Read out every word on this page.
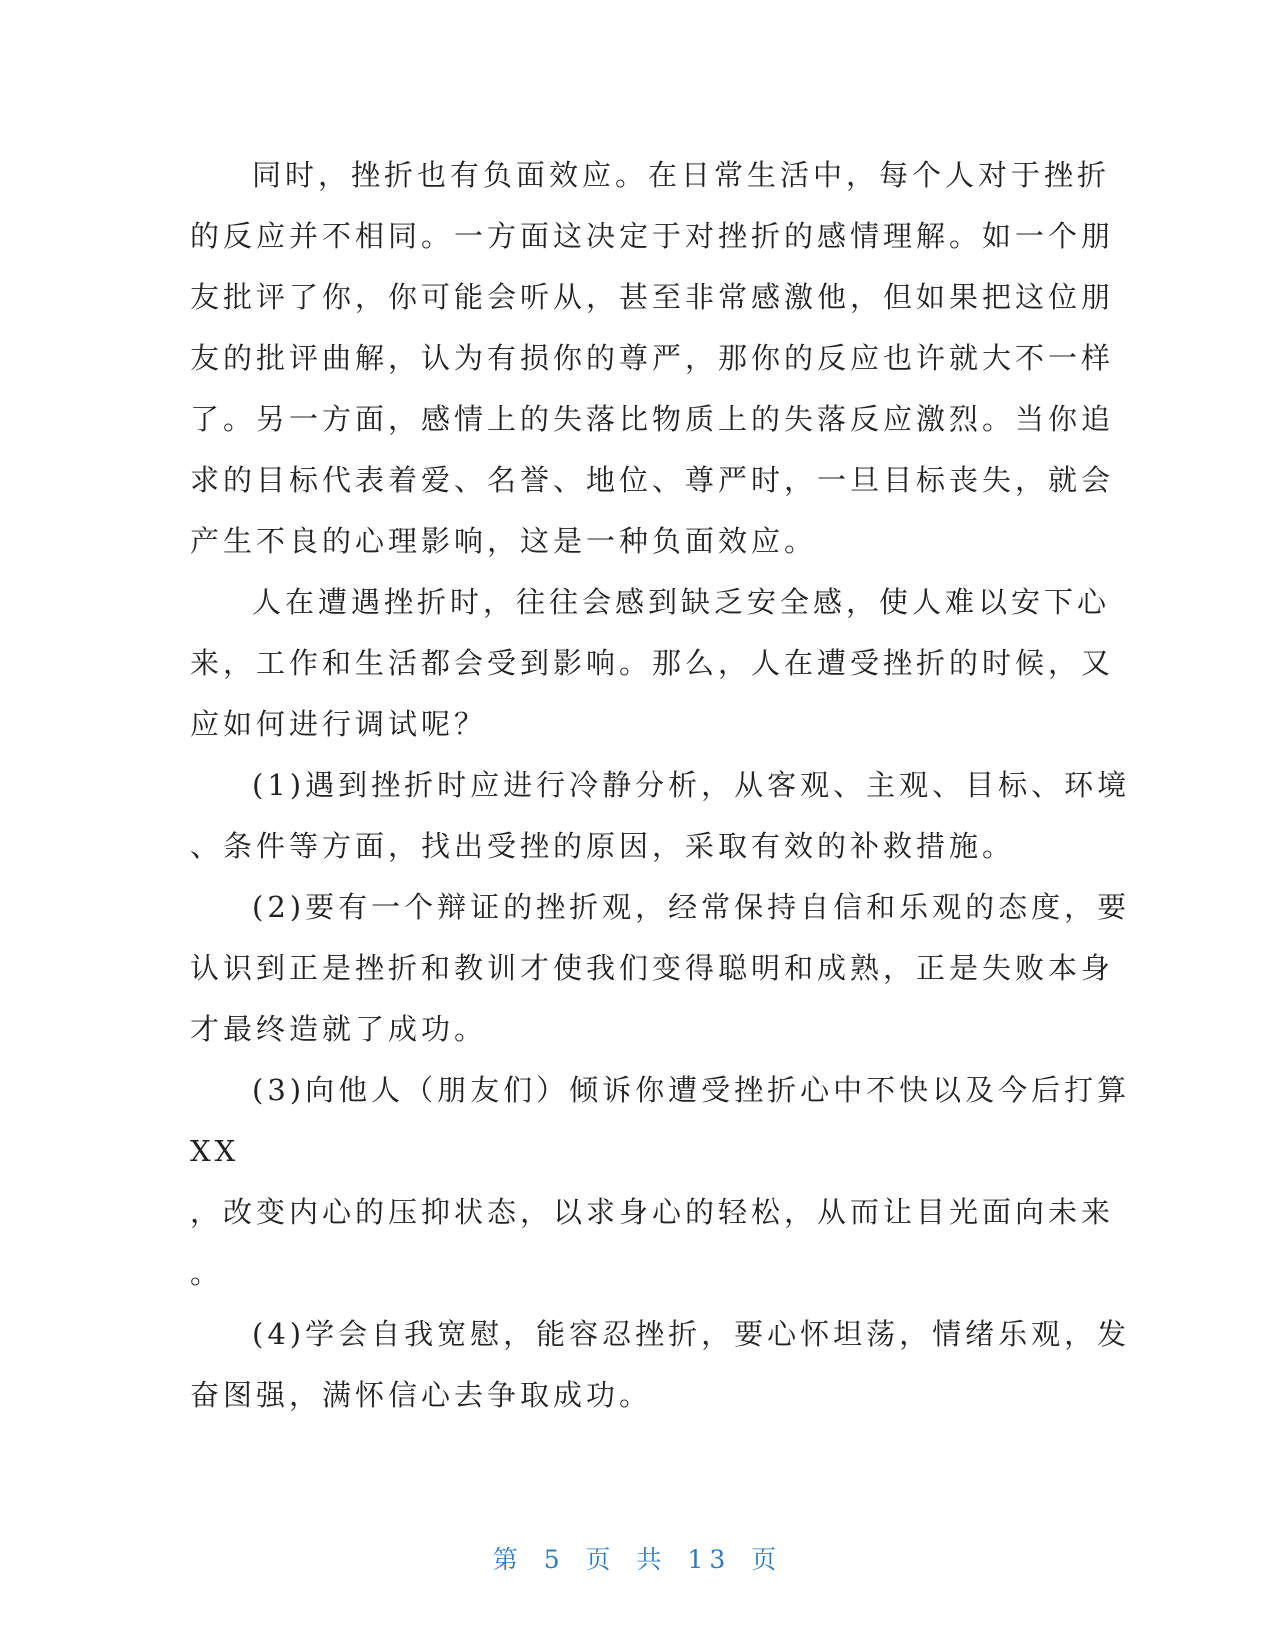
同时，挫折也有负面效应。在日常生活中，每个人对于挫折
的反应并不相同。一方面这决定于对挫折的感情理解。如一个朋
友批评了你，你可能会听从，甚至非常感激他，但如果把这位朋
友的批评曲解，认为有损你的尊严，那你的反应也许就大不一样
了。另一方面，感情上的失落比物质上的失落反应激烈。当你追
求的目标代表着爱、名誉、地位、尊严时，一旦目标丧失，就会
产生不良的心理影响，这是一种负面效应。
人在遭遇挫折时，往往会感到缺乏安全感，使人难以安下心
来，工作和生活都会受到影响。那么，人在遭受挫折的时候，又
应如何进行调试呢？
(1)遇到挫折时应进行冷静分析，从客观、主观、目标、环境
、条件等方面，找出受挫的原因，采取有效的补救措施。
(2)要有一个辩证的挫折观，经常保持自信和乐观的态度，要
认识到正是挫折和教训才使我们变得聪明和成熟，正是失败本身
才最终造就了成功。
(3)向他人（朋友们）倾诉你遭受挫折心中不快以及今后打算
XX
，改变内心的压抑状态，以求身心的轻松，从而让目光面向未来
。
(4)学会自我宽慰，能容忍挫折，要心怀坦荡，情绪乐观，发
奋图强，满怀信心去争取成功。
第 5 页 共 13 页
